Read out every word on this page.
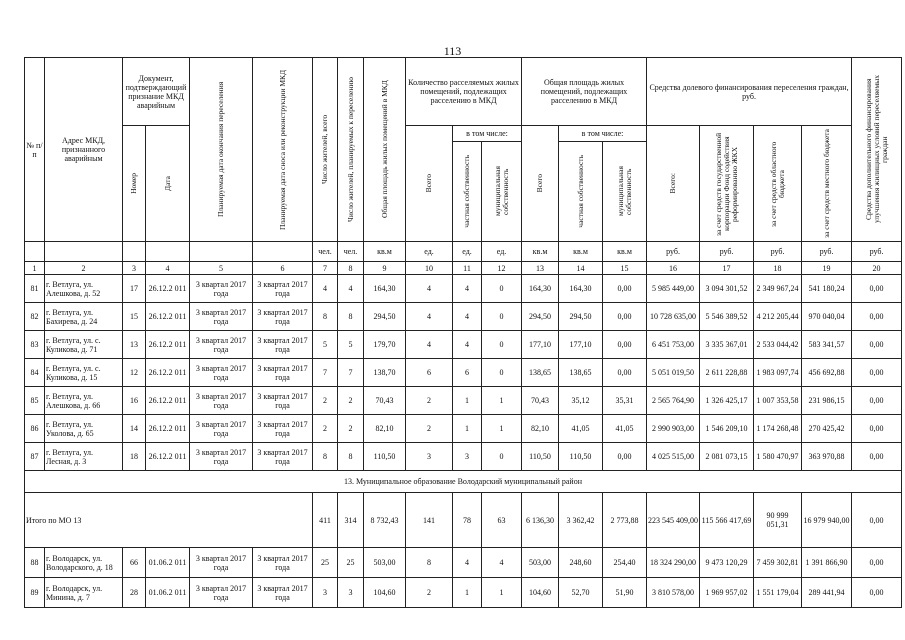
113
№ п/ п	Адрес МКД, признанного аварийным	Документ, подтверждающий признание МКД аварийным		Планируемая дата окончания переселения	Планируемая дата сноса или реконструкции МКД	Число жителей, всего	Число жителей, планируемых к переселению	Общая площадь жилых помещений в МКД	Количество расселяемых жилых помещений, подлежащих расселению в МКД			Общая площадь жилых помещений, подлежащих расселению в МКД			Средства долевого финансирования переселения граждан, руб.				Средства дополнительного финансирования улучшения жилищных условий переселяемых граждан

		Номер	Дата						Всего	в том числе:		Всего	в том числе:		Всего:	за счет средств государственной корпорации Фонд содействия реформированию ЖКХ	за счет средств областного бюджета	за счет средств местного бюджета	

										частная собственность	муниципальная собственность		частная собственность	муниципальная собственность					

						чел.	чел.	кв.м	ед.	ед.	ед.	кв.м	кв.м	кв.м	руб.	руб.	руб.	руб.	руб.
1	2	3	4	5	6	7	8	9	10	11	12	13	14	15	16	17	18	19	20
81	г. Ветлуга, ул. Алешкова, д. 52	17	26.12.2 011	3 квартал 2017 года	3 квартал 2017 года	4	4	164,30	4	4	0	164,30	164,30	0,00	5 985 449,00	3 094 301,52	2 349 967,24	541 180,24	0,00
82	г. Ветлуга, ул. Бахирева, д. 24	15	26.12.2 011	3 квартал 2017 года	3 квартал 2017 года	8	8	294,50	4	4	0	294,50	294,50	0,00	10 728 635,00	5 546 389,52	4 212 205,44	970 040,04	0,00
83	г. Ветлуга, ул. с. Куликова, д. 71	13	26.12.2 011	3 квартал 2017 года	3 квартал 2017 года	5	5	179,70	4	4	0	177,10	177,10	0,00	6 451 753,00	3 335 367,01	2 533 044,42	583 341,57	0,00
84	г. Ветлуга, ул. с. Куликова, д. 15	12	26.12.2 011	3 квартал 2017 года	3 квартал 2017 года	7	7	138,70	6	6	0	138,65	138,65	0,00	5 051 019,50	2 611 228,88	1 983 097,74	456 692,88	0,00
85	г. Ветлуга, ул. Алешкова, д. 66	16	26.12.2 011	3 квартал 2017 года	3 квартал 2017 года	2	2	70,43	2	1	1	70,43	35,12	35,31	2 565 764,90	1 326 425,17	1 007 353,58	231 986,15	0,00
86	г. Ветлуга, ул. Уколова, д. 65	14	26.12.2 011	3 квартал 2017 года	3 квартал 2017 года	2	2	82,10	2	1	1	82,10	41,05	41,05	2 990 903,00	1 546 209,10	1 174 268,48	270 425,42	0,00
87	г. Ветлуга, ул. Лесная, д. 3	18	26.12.2 011	3 квартал 2017 года	3 квартал 2017 года	8	8	110,50	3	3	0	110,50	110,50	0,00	4 025 515,00	2 081 073,15	1 580 470,97	363 970,88	0,00
13. Муниципальное образование Володарский муниципальный район																			
Итого по МО 13						411	314	8 732,43	141	78	63	6 136,30	3 362,42	2 773,88	223 545 409,00	115 566 417,69	90 999 051,31	16 979 940,00	0,00
88	г. Володарск, ул. Володарского, д. 18	66	01.06.2 011	3 квартал 2017 года	3 квартал 2017 года	25	25	503,00	8	4	4	503,00	248,60	254,40	18 324 290,00	9 473 120,29	7 459 302,81	1 391 866,90	0,00
89	г. Володарск, ул. Минина, д. 7	28	01.06.2 011	3 квартал 2017 года	3 квартал 2017 года	3	3	104,60	2	1	1	104,60	52,70	51,90	3 810 578,00	1 969 957,02	1 551 179,04	289 441,94	0,00
